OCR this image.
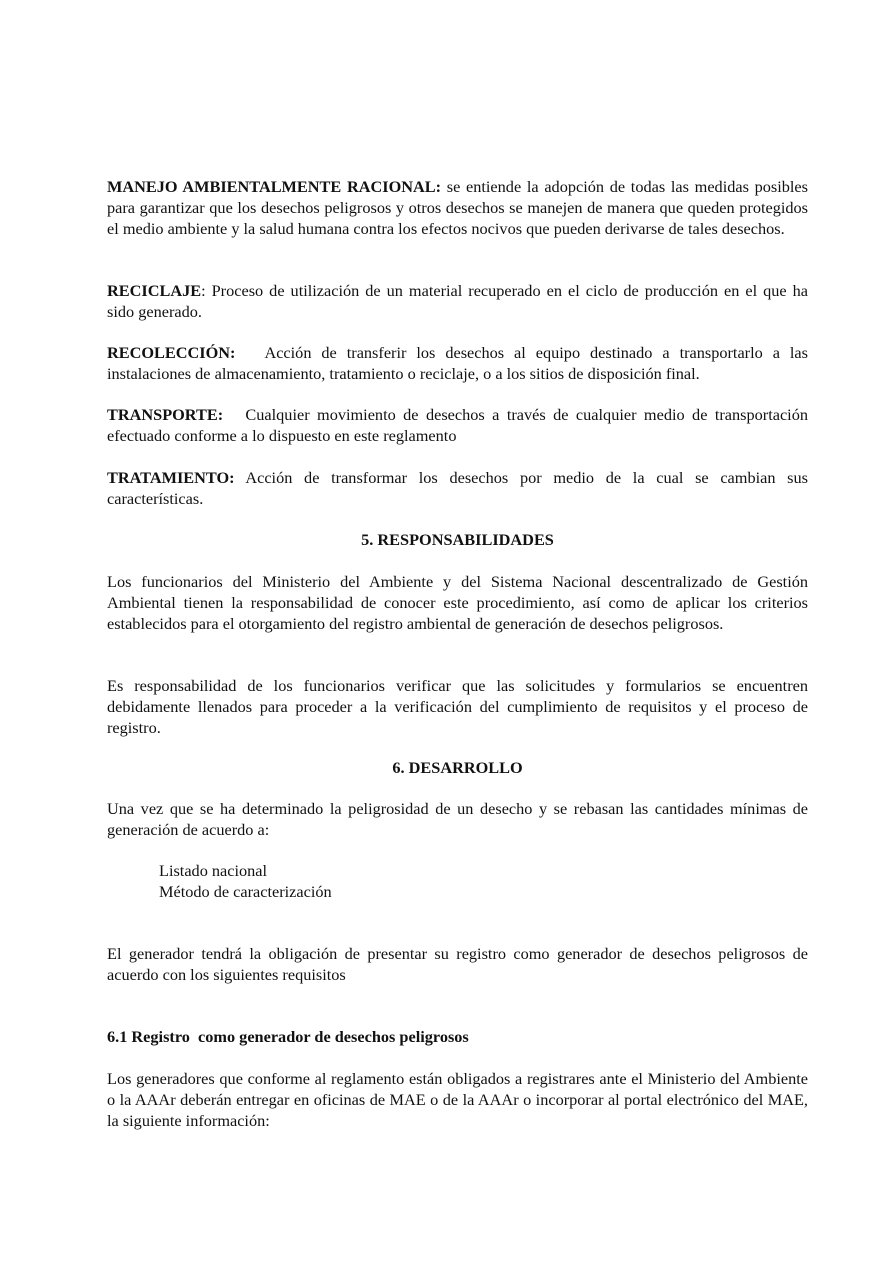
MANEJO AMBIENTALMENTE RACIONAL: se entiende la adopción de todas las medidas posibles para garantizar que los desechos peligrosos y otros desechos se manejen de manera que queden protegidos el medio ambiente y la salud humana contra los efectos nocivos que pueden derivarse de tales desechos.

RECICLAJE: Proceso de utilización de un material recuperado en el ciclo de producción en el que ha sido generado.

RECOLECCIÓN:   Acción de transferir los desechos al equipo destinado a transportarlo a las instalaciones de almacenamiento, tratamiento o reciclaje, o a los sitios de disposición final.

TRANSPORTE:   Cualquier movimiento de desechos a través de cualquier medio de transportación efectuado conforme a lo dispuesto en este reglamento

TRATAMIENTO: Acción de transformar los desechos por medio de la cual se cambian sus características.

5. RESPONSABILIDADES

Los funcionarios del Ministerio del Ambiente y del Sistema Nacional descentralizado de Gestión Ambiental tienen la responsabilidad de conocer este procedimiento, así como de aplicar los criterios establecidos para el otorgamiento del registro ambiental de generación de desechos peligrosos.

Es responsabilidad de los funcionarios verificar que las solicitudes y formularios se encuentren debidamente llenados para proceder a la verificación del cumplimiento de requisitos y el proceso de registro.

6. DESARROLLO

Una vez que se ha determinado la peligrosidad de un desecho y se rebasan las cantidades mínimas de generación de acuerdo a:

Listado nacional
Método de caracterización

El generador tendrá la obligación de presentar su registro como generador de desechos peligrosos de acuerdo con los siguientes requisitos

6.1 Registro  como generador de desechos peligrosos

Los generadores que conforme al reglamento están obligados a registrares ante el Ministerio del Ambiente o la AAAr deberán entregar en oficinas de MAE o de la AAAr o incorporar al portal electrónico del MAE, la siguiente información:
